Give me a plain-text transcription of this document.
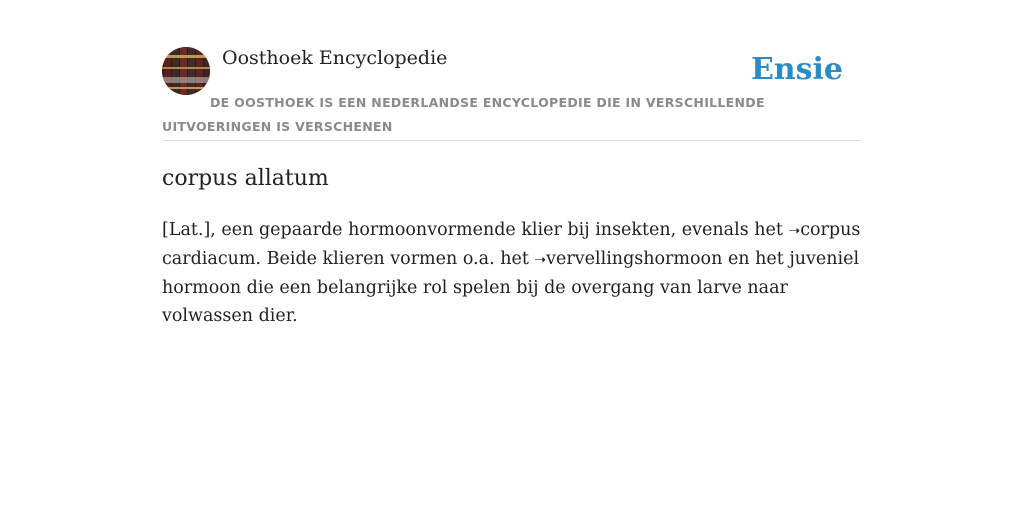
Oosthoek Encyclopedie	Ensie
DE OOSTHOEK IS EEN NEDERLANDSE ENCYCLOPEDIE DIE IN VERSCHILLENDE UITVOERINGEN IS VERSCHENEN
corpus allatum

[Lat.], een gepaarde hormoonvormende klier bij insekten, evenals het ➝corpus cardiacum. Beide klieren vormen o.a. het ➝vervellingshormoon en het juveniel hormoon die een belangrijke rol spelen bij de overgang van larve naar volwassen dier.
